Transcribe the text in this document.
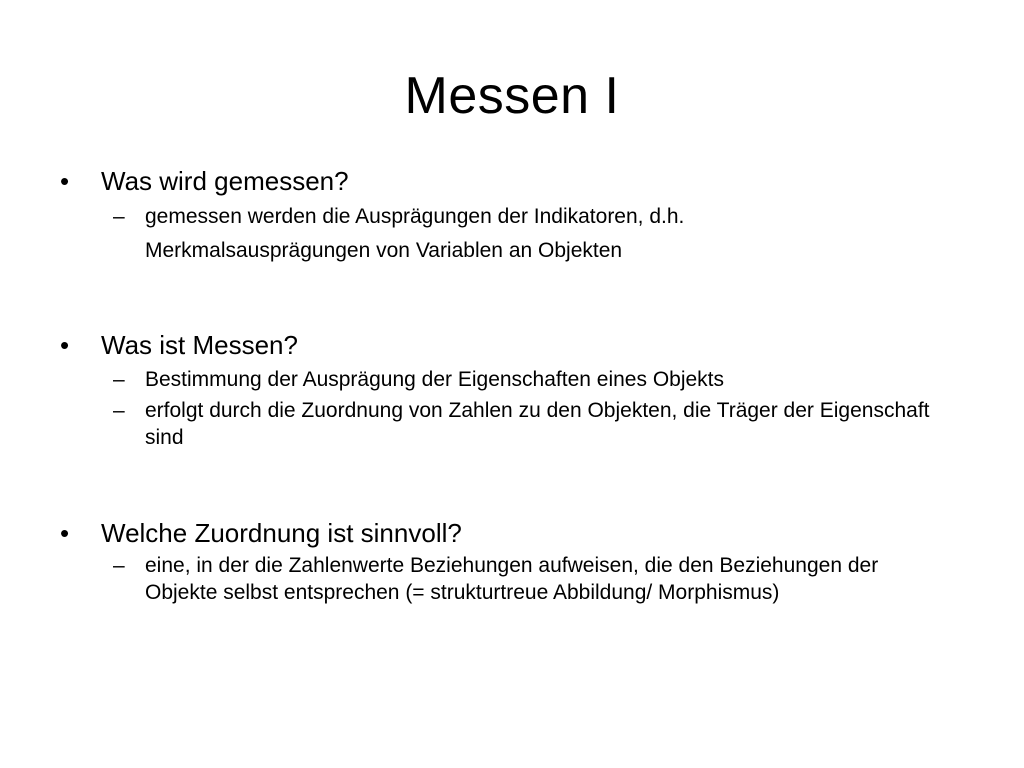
Messen I
• Was wird gemessen?
– gemessen werden die Ausprägungen der Indikatoren, d.h. Merkmalsausprägungen von Variablen an Objekten
• Was ist Messen?
– Bestimmung der Ausprägung der Eigenschaften eines Objekts
– erfolgt durch die Zuordnung von Zahlen zu den Objekten, die Träger der Eigenschaft sind
• Welche Zuordnung ist sinnvoll?
– eine, in der die Zahlenwerte Beziehungen aufweisen, die den Beziehungen der Objekte selbst entsprechen (= strukturtreue Abbildung/ Morphismus)
